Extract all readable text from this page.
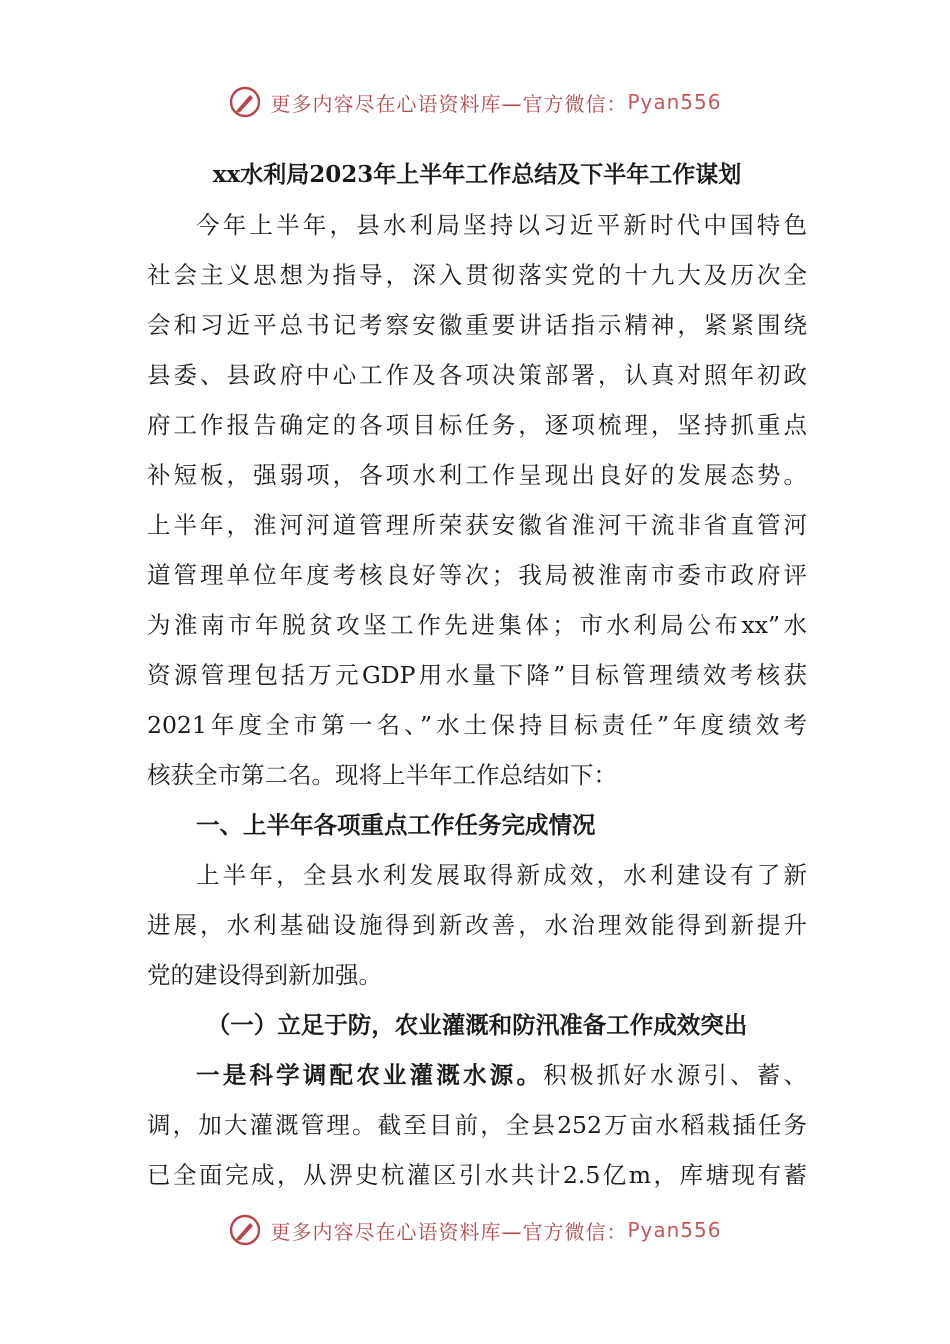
更多内容尽在心语资料库—官方微信： Pyan556
xx水利局2023年上半年工作总结及下半年工作谋划
今年上半年，县水利局坚持以习近平新时代中国特色
社会主义思想为指导，深入贯彻落实党的十九大及历次全
会和习近平总书记考察安徽重要讲话指示精神，紧紧围绕
县委、县政府中心工作及各项决策部署，认真对照年初政
府工作报告确定的各项目标任务，逐项梳理，坚持抓重点
补短板，强弱项，各项水利工作呈现出良好的发展态势。
上半年，淮河河道管理所荣获安徽省淮河干流非省直管河
道管理单位年度考核良好等次；我局被淮南市委市政府评
为淮南市年脱贫攻坚工作先进集体；市水利局公布xx”水
资源管理包括万元GDP用水量下降”目标管理绩效考核获
2021年度全市第一名、”水土保持目标责任”年度绩效考
核获全市第二名。现将上半年工作总结如下：
一、上半年各项重点工作任务完成情况
上半年，全县水利发展取得新成效，水利建设有了新
进展，水利基础设施得到新改善，水治理效能得到新提升
党的建设得到新加强。
（一）立足于防，农业灌溉和防汛准备工作成效突出
一是科学调配农业灌溉水源。积极抓好水源引、蓄、
调，加大灌溉管理。截至目前，全县252万亩水稻栽插任务
已全面完成，从淠史杭灌区引水共计2.5亿m，库塘现有蓄
更多内容尽在心语资料库—官方微信： Pyan556
